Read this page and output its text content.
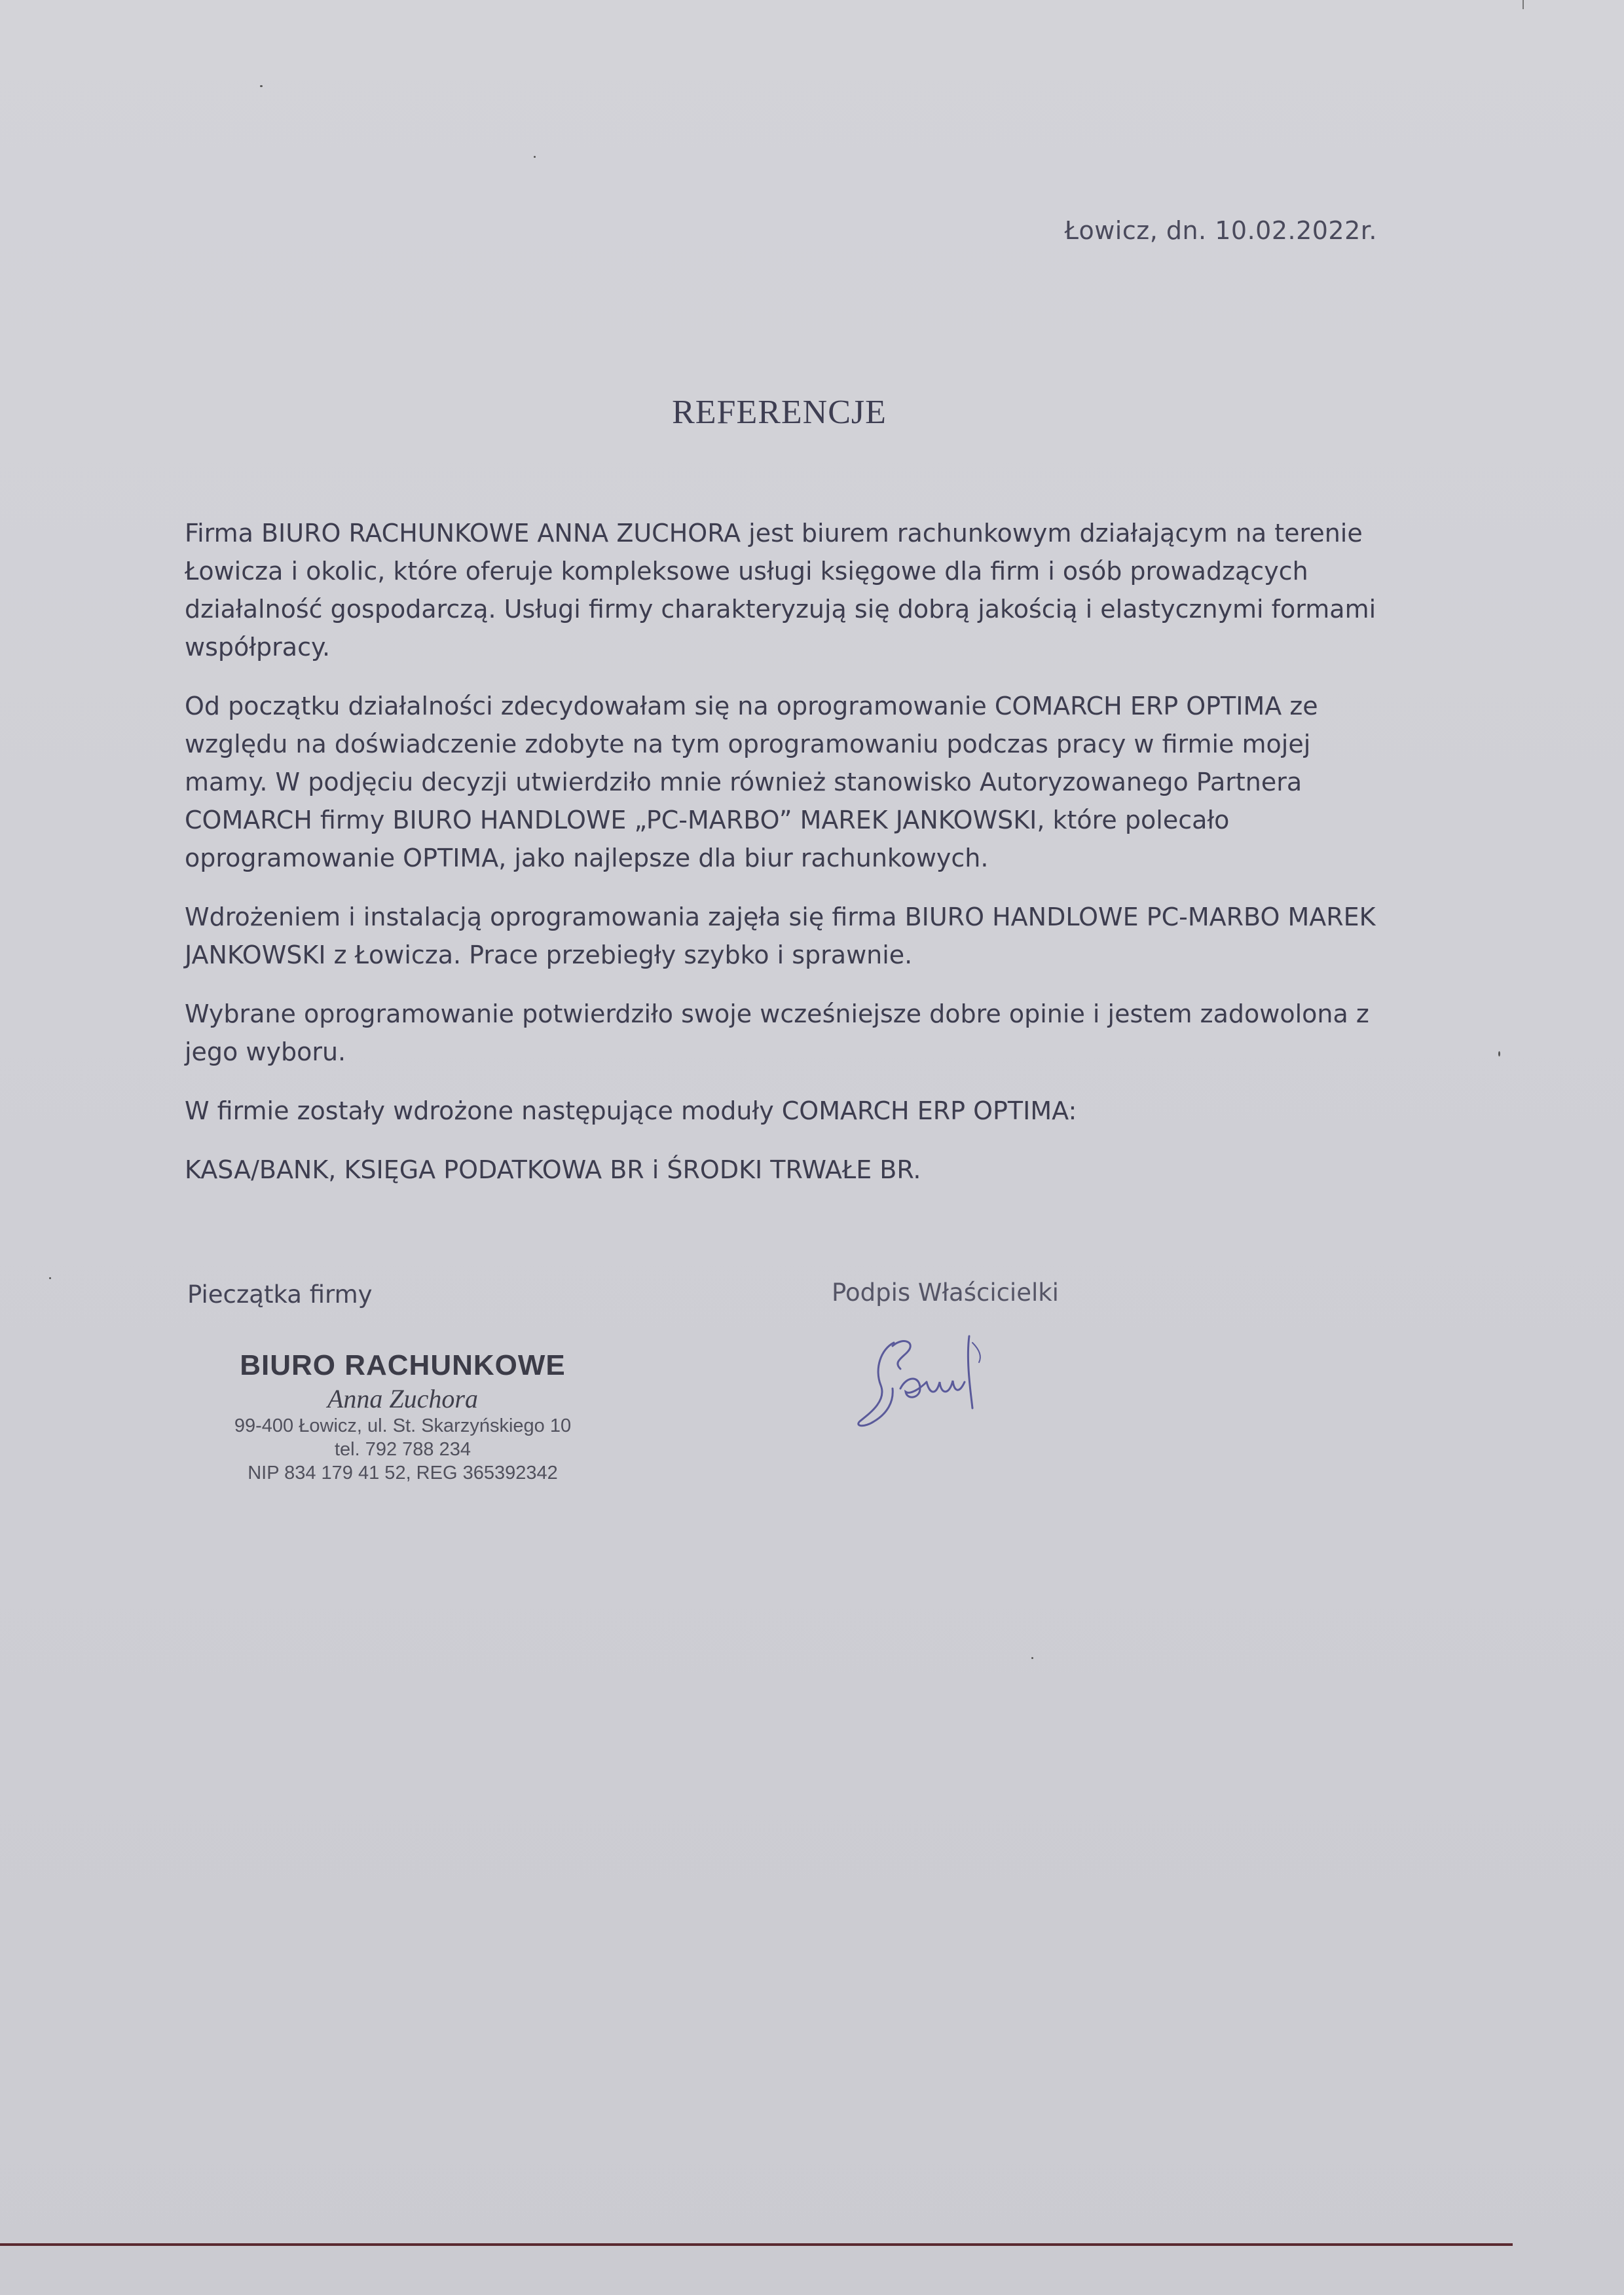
Łowicz, dn. 10.02.2022r.
REFERENCJE

Firma BIURO RACHUNKOWE ANNA ZUCHORA jest biurem rachunkowym działającym na terenie Łowicza i okolic, które oferuje kompleksowe usługi księgowe dla firm i osób prowadzących działalność gospodarczą. Usługi firmy charakteryzują się dobrą jakością i elastycznymi formami współpracy.

Od początku działalności zdecydowałam się na oprogramowanie COMARCH ERP OPTIMA ze względu na doświadczenie zdobyte na tym oprogramowaniu podczas pracy w firmie mojej mamy. W podjęciu decyzji utwierdziło mnie również stanowisko Autoryzowanego Partnera COMARCH firmy BIURO HANDLOWE „PC-MARBO” MAREK JANKOWSKI, które polecało oprogramowanie OPTIMA, jako najlepsze dla biur rachunkowych.

Wdrożeniem i instalacją oprogramowania zajęła się firma BIURO HANDLOWE PC-MARBO MAREK JANKOWSKI z Łowicza. Prace przebiegły szybko i sprawnie.

Wybrane oprogramowanie potwierdziło swoje wcześniejsze dobre opinie i jestem zadowolona z jego wyboru.

W firmie zostały wdrożone następujące moduły COMARCH ERP OPTIMA:

KASA/BANK, KSIĘGA PODATKOWA BR i ŚRODKI TRWAŁE BR.

Pieczątka firmy	Podpis Właścicielki
BIURO RACHUNKOWE
Anna Zuchora
99-400 Łowicz, ul. St. Skarzyńskiego 10
tel. 792 788 234
NIP 834 179 41 52, REG 365392342
